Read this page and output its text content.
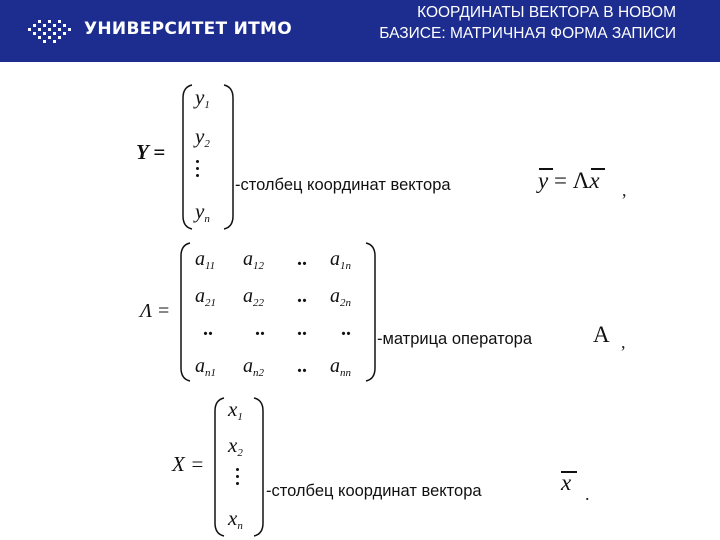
УНИВЕРСИТЕТ ИТМО
КООРДИНАТЫ ВЕКТОРА В НОВОМ
БАЗИСЕ: МАТРИЧНАЯ ФОРМА ЗАПИСИ
Y =
$y_1$
$y_2$
$y_n$
-столбец координат вектора	y = Λx ,
Λ =
$a_{11}$ $a_{12}$ .. $a_{1n}$
$a_{21}$ $a_{22}$ .. $a_{2n}$
.. .. .. ..
$a_{n1}$ $a_{n2}$ .. $a_{nn}$
-матрица оператора	A ,
X =
$x_1$
$x_2$
$x_n$
-столбец координат вектора	x .
